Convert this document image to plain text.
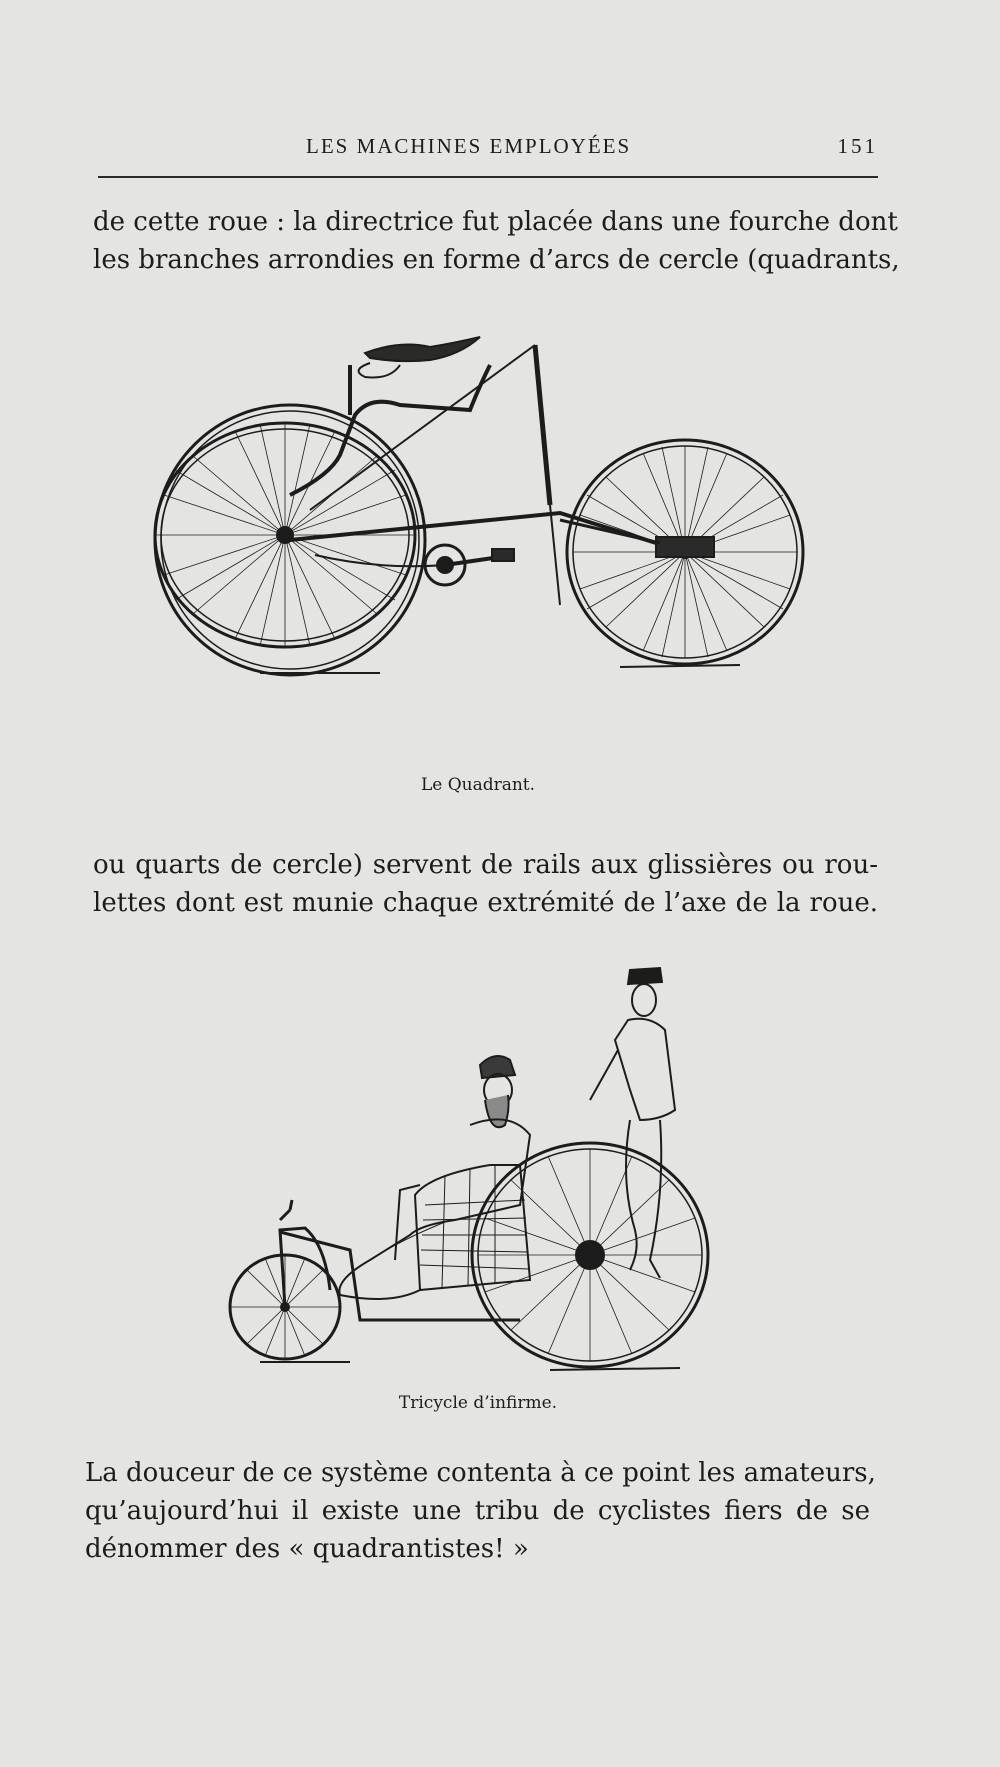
LES MACHINES EMPLOYÉES	151
de cette roue : la directrice fut placée dans une fourche dont
les branches arrondies en forme d’arcs de cercle (quadrants,
Le Quadrant.
ou quarts de cercle) servent de rails aux glissières ou rou-
lettes dont est munie chaque extrémité de l’axe de la roue.
Tricycle d’infirme.
La douceur de ce système contenta à ce point les amateurs,
qu’aujourd’hui il existe une tribu de cyclistes fiers de se
dénommer des « quadrantistes! »
